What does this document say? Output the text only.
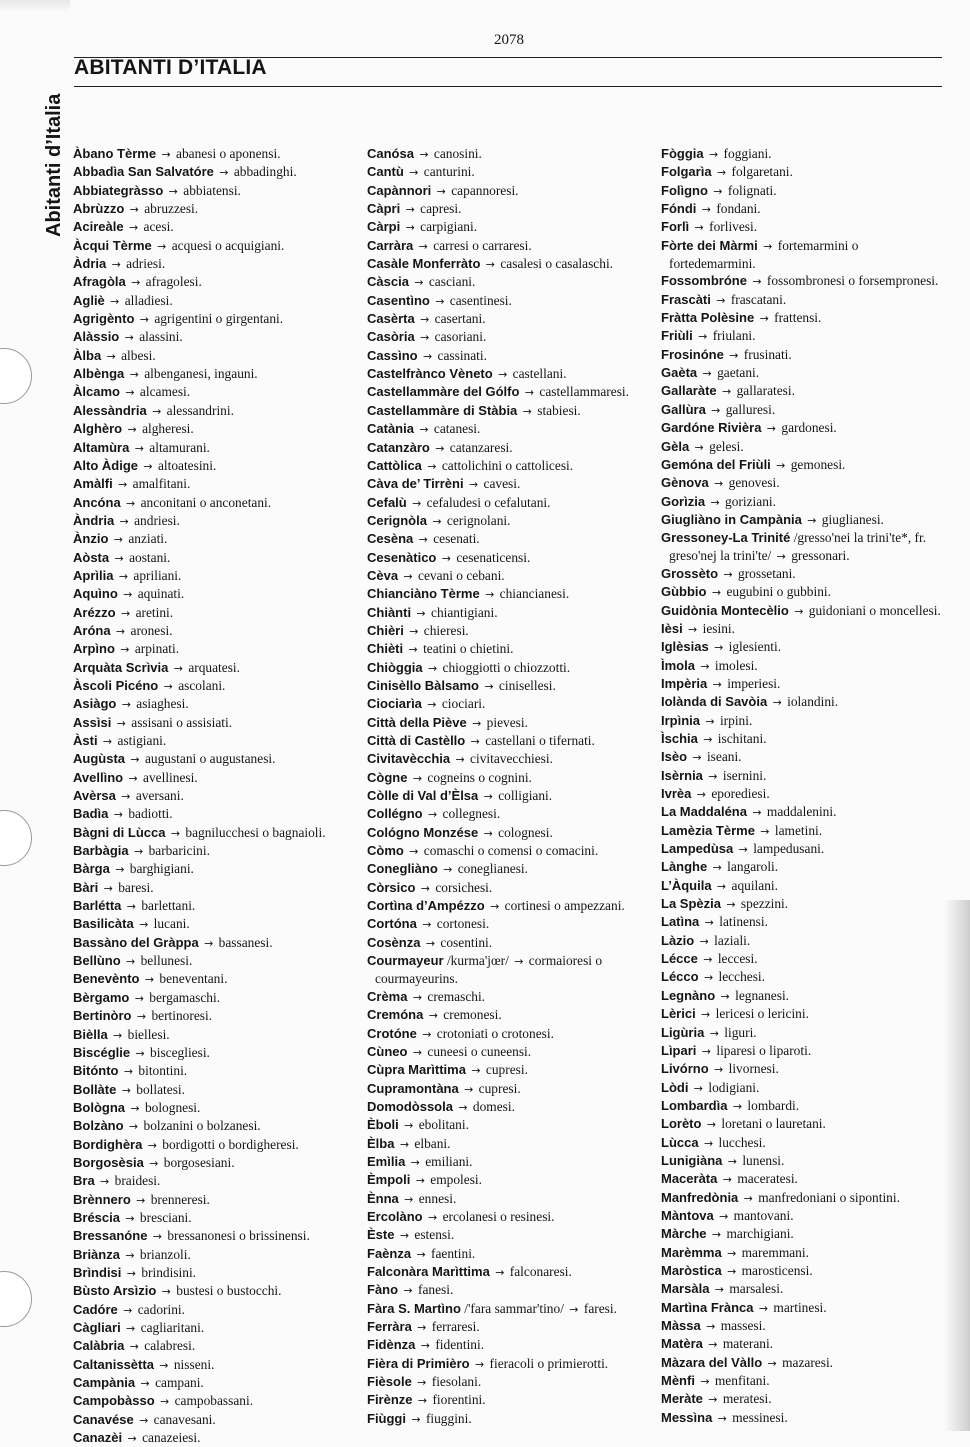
2078
ABITANTI D’ITALIA
Abitanti d’Italia Àbano Tèrme → abanesi o aponensi.
Abbadìa San Salvatóre → abbadinghi.
Abbiategràsso → abbiatensi.
Abrùzzo → abruzzesi.
Acireàle → acesi.
Àcqui Tèrme → acquesi o acquigiani.
Àdria → adriesi.
Afragòla → afragolesi.
Agliè → alladiesi.
Agrigènto → agrigentini o girgentani.
Alàssio → alassini.
Àlba → albesi.
Albènga → albenganesi, ingauni.
Àlcamo → alcamesi.
Alessàndria → alessandrini.
Alghèro → algheresi.
Altamùra → altamurani.
Alto Àdige → altoatesini.
Amàlfi → amalfitani.
Ancóna → anconitani o anconetani.
Àndria → andriesi.
Ànzio → anziati.
Aòsta → aostani.
Aprìlia → apriliani.
Aquìno → aquinati.
Arézzo → aretini.
Aróna → aronesi.
Arpìno → arpinati.
Arquàta Scrìvia → arquatesi.
Àscoli Picéno → ascolani.
Asiàgo → asiaghesi.
Assìsi → assisani o assisiati.
Àsti → astigiani.
Augùsta → augustani o augustanesi.
Avellìno → avellinesi.
Avèrsa → aversani.
Badìa → badiotti.
Bàgni di Lùcca → bagnilucchesi o bagnaioli.
Barbàgia → barbaricini.
Bàrga → barghigiani.
Bàri → baresi.
Barlétta → barlettani.
Basilicàta → lucani.
Bassàno del Gràppa → bassanesi.
Bellùno → bellunesi.
Benevènto → beneventani.
Bèrgamo → bergamaschi.
Bertinòro → bertinoresi.
Bièlla → biellesi.
Biscéglie → biscegliesi.
Bitónto → bitontini.
Bollàte → bollatesi.
Bològna → bolognesi.
Bolzàno → bolzanini o bolzanesi.
Bordighèra → bordigotti o bordigheresi.
Borgosèsia → borgosesiani.
Bra → braidesi.
Brènnero → brenneresi.
Bréscia → bresciani.
Bressanóne → bressanonesi o brissinensi.
Briànza → brianzoli.
Brìndisi → brindisini.
Bùsto Arsìzio → bustesi o bustocchi.
Cadóre → cadorini.
Càgliari → cagliaritani.
Calàbria → calabresi.
Caltanissètta → nisseni.
Campània → campani.
Campobàsso → campobassani.
Canavése → canavesani.
Canazèi → canazeiesi.
Canósa → canosini.
Cantù → canturini.
Capànnori → capannoresi.
Càpri → capresi.
Càrpi → carpigiani.
Carràra → carresi o carraresi.
Casàle Monferràto → casalesi o casalaschi.
Càscia → casciani.
Casentìno → casentinesi.
Casèrta → casertani.
Casòria → casoriani.
Cassìno → cassinati.
Castelfrànco Vèneto → castellani.
Castellammàre del Gólfo → castellammaresi.
Castellammàre di Stàbia → stabiesi.
Catània → catanesi.
Catanzàro → catanzaresi.
Cattòlica → cattolichini o cattolicesi.
Càva de’ Tirrèni → cavesi.
Cefalù → cefaludesi o cefalutani.
Cerignòla → cerignolani.
Cesèna → cesenati.
Cesenàtico → cesenaticensi.
Cèva → cevani o cebani.
Chianciàno Tèrme → chiancianesi.
Chiànti → chiantigiani.
Chièri → chieresi.
Chièti → teatini o chietini.
Chiòggia → chioggiotti o chiozzotti.
Cinisèllo Bàlsamo → cinisellesi.
Ciociarìa → ciociari.
Città della Piève → pievesi.
Città di Castèllo → castellani o tifernati.
Civitavècchia → civitavecchiesi.
Cògne → cogneins o cognini.
Còlle di Val d’Èlsa → colligiani.
Collégno → collegnesi.
Cológno Monzése → colognesi.
Còmo → comaschi o comensi o comacini.
Conegliàno → coneglianesi.
Còrsico → corsichesi.
Cortìna d’Ampézzo → cortinesi o ampezzani.
Cortóna → cortonesi.
Cosènza → cosentini.
Courmayeur /kurma'jœr/ → cormaioresi o courmayeurins.
Crèma → cremaschi.
Cremóna → cremonesi.
Crotóne → crotoniati o crotonesi.
Cùneo → cuneesi o cuneensi.
Cùpra Marìttima → cupresi.
Cupramontàna → cupresi.
Domodòssola → domesi.
Èboli → ebolitani.
Èlba → elbani.
Emìlia → emiliani.
Èmpoli → empolesi.
Ènna → ennesi.
Ercolàno → ercolanesi o resinesi.
Èste → estensi.
Faènza → faentini.
Falconàra Marìttima → falconaresi.
Fàno → fanesi.
Fàra S. Martìno /'fara sammar'tino/ → faresi.
Ferràra → ferraresi.
Fidènza → fidentini.
Fièra di Primièro → fieracoli o primierotti.
Fièsole → fiesolani.
Firènze → fiorentini.
Fiùggi → fiuggini.
Fòggia → foggiani.
Folgarìa → folgaretani.
Folìgno → folignati.
Fóndi → fondani.
Forlì → forlivesi.
Fòrte dei Màrmi → fortemarmini o fortedemarmini.
Fossombróne → fossombronesi o forsempronesi.
Frascàti → frascatani.
Fràtta Polèsine → frattensi.
Friùli → friulani.
Frosinóne → frusinati.
Gaèta → gaetani.
Gallaràte → gallaratesi.
Gallùra → galluresi.
Gardóne Rivièra → gardonesi.
Gèla → gelesi.
Gemóna del Friùli → gemonesi.
Gènova → genovesi.
Gorìzia → goriziani.
Giugliàno in Campània → giuglianesi.
Gressoney-La Trinité /gresso'nei la trini'te*, fr. greso'nej la trini'te/ → gressonari.
Grossèto → grossetani.
Gùbbio → eugubini o gubbini.
Guidònia Montecèlio → guidoniani o moncellesi.
Ièsi → iesini.
Iglèsias → iglesienti.
Ìmola → imolesi.
Impèria → imperiesi.
Iolànda di Savòia → iolandini.
Irpìnia → irpini.
Ìschia → ischitani.
Isèo → iseani.
Isèrnia → isernini.
Ivrèa → eporediesi.
La Maddaléna → maddalenini.
Lamèzia Tèrme → lametini.
Lampedùsa → lampedusani.
Lànghe → langaroli.
L’Àquila → aquilani.
La Spèzia → spezzini.
Latìna → latinensi.
Làzio → laziali.
Lécce → leccesi.
Lécco → lecchesi.
Legnàno → legnanesi.
Lèrici → lericesi o lericini.
Ligùria → liguri.
Lìpari → liparesi o liparoti.
Livórno → livornesi.
Lòdi → lodigiani.
Lombardìa → lombardi.
Lorèto → loretani o lauretani.
Lùcca → lucchesi.
Lunigiàna → lunensi.
Maceràta → maceratesi.
Manfredònia → manfredoniani o sipontini.
Màntova → mantovani.
Màrche → marchigiani.
Marèmma → maremmani.
Maròstica → marosticensi.
Marsàla → marsalesi.
Martìna Frànca → martinesi.
Màssa → massesi.
Matèra → materani.
Màzara del Vàllo → mazaresi.
Mènfi → menfitani.
Meràte → meratesi.
Messìna → messinesi.
